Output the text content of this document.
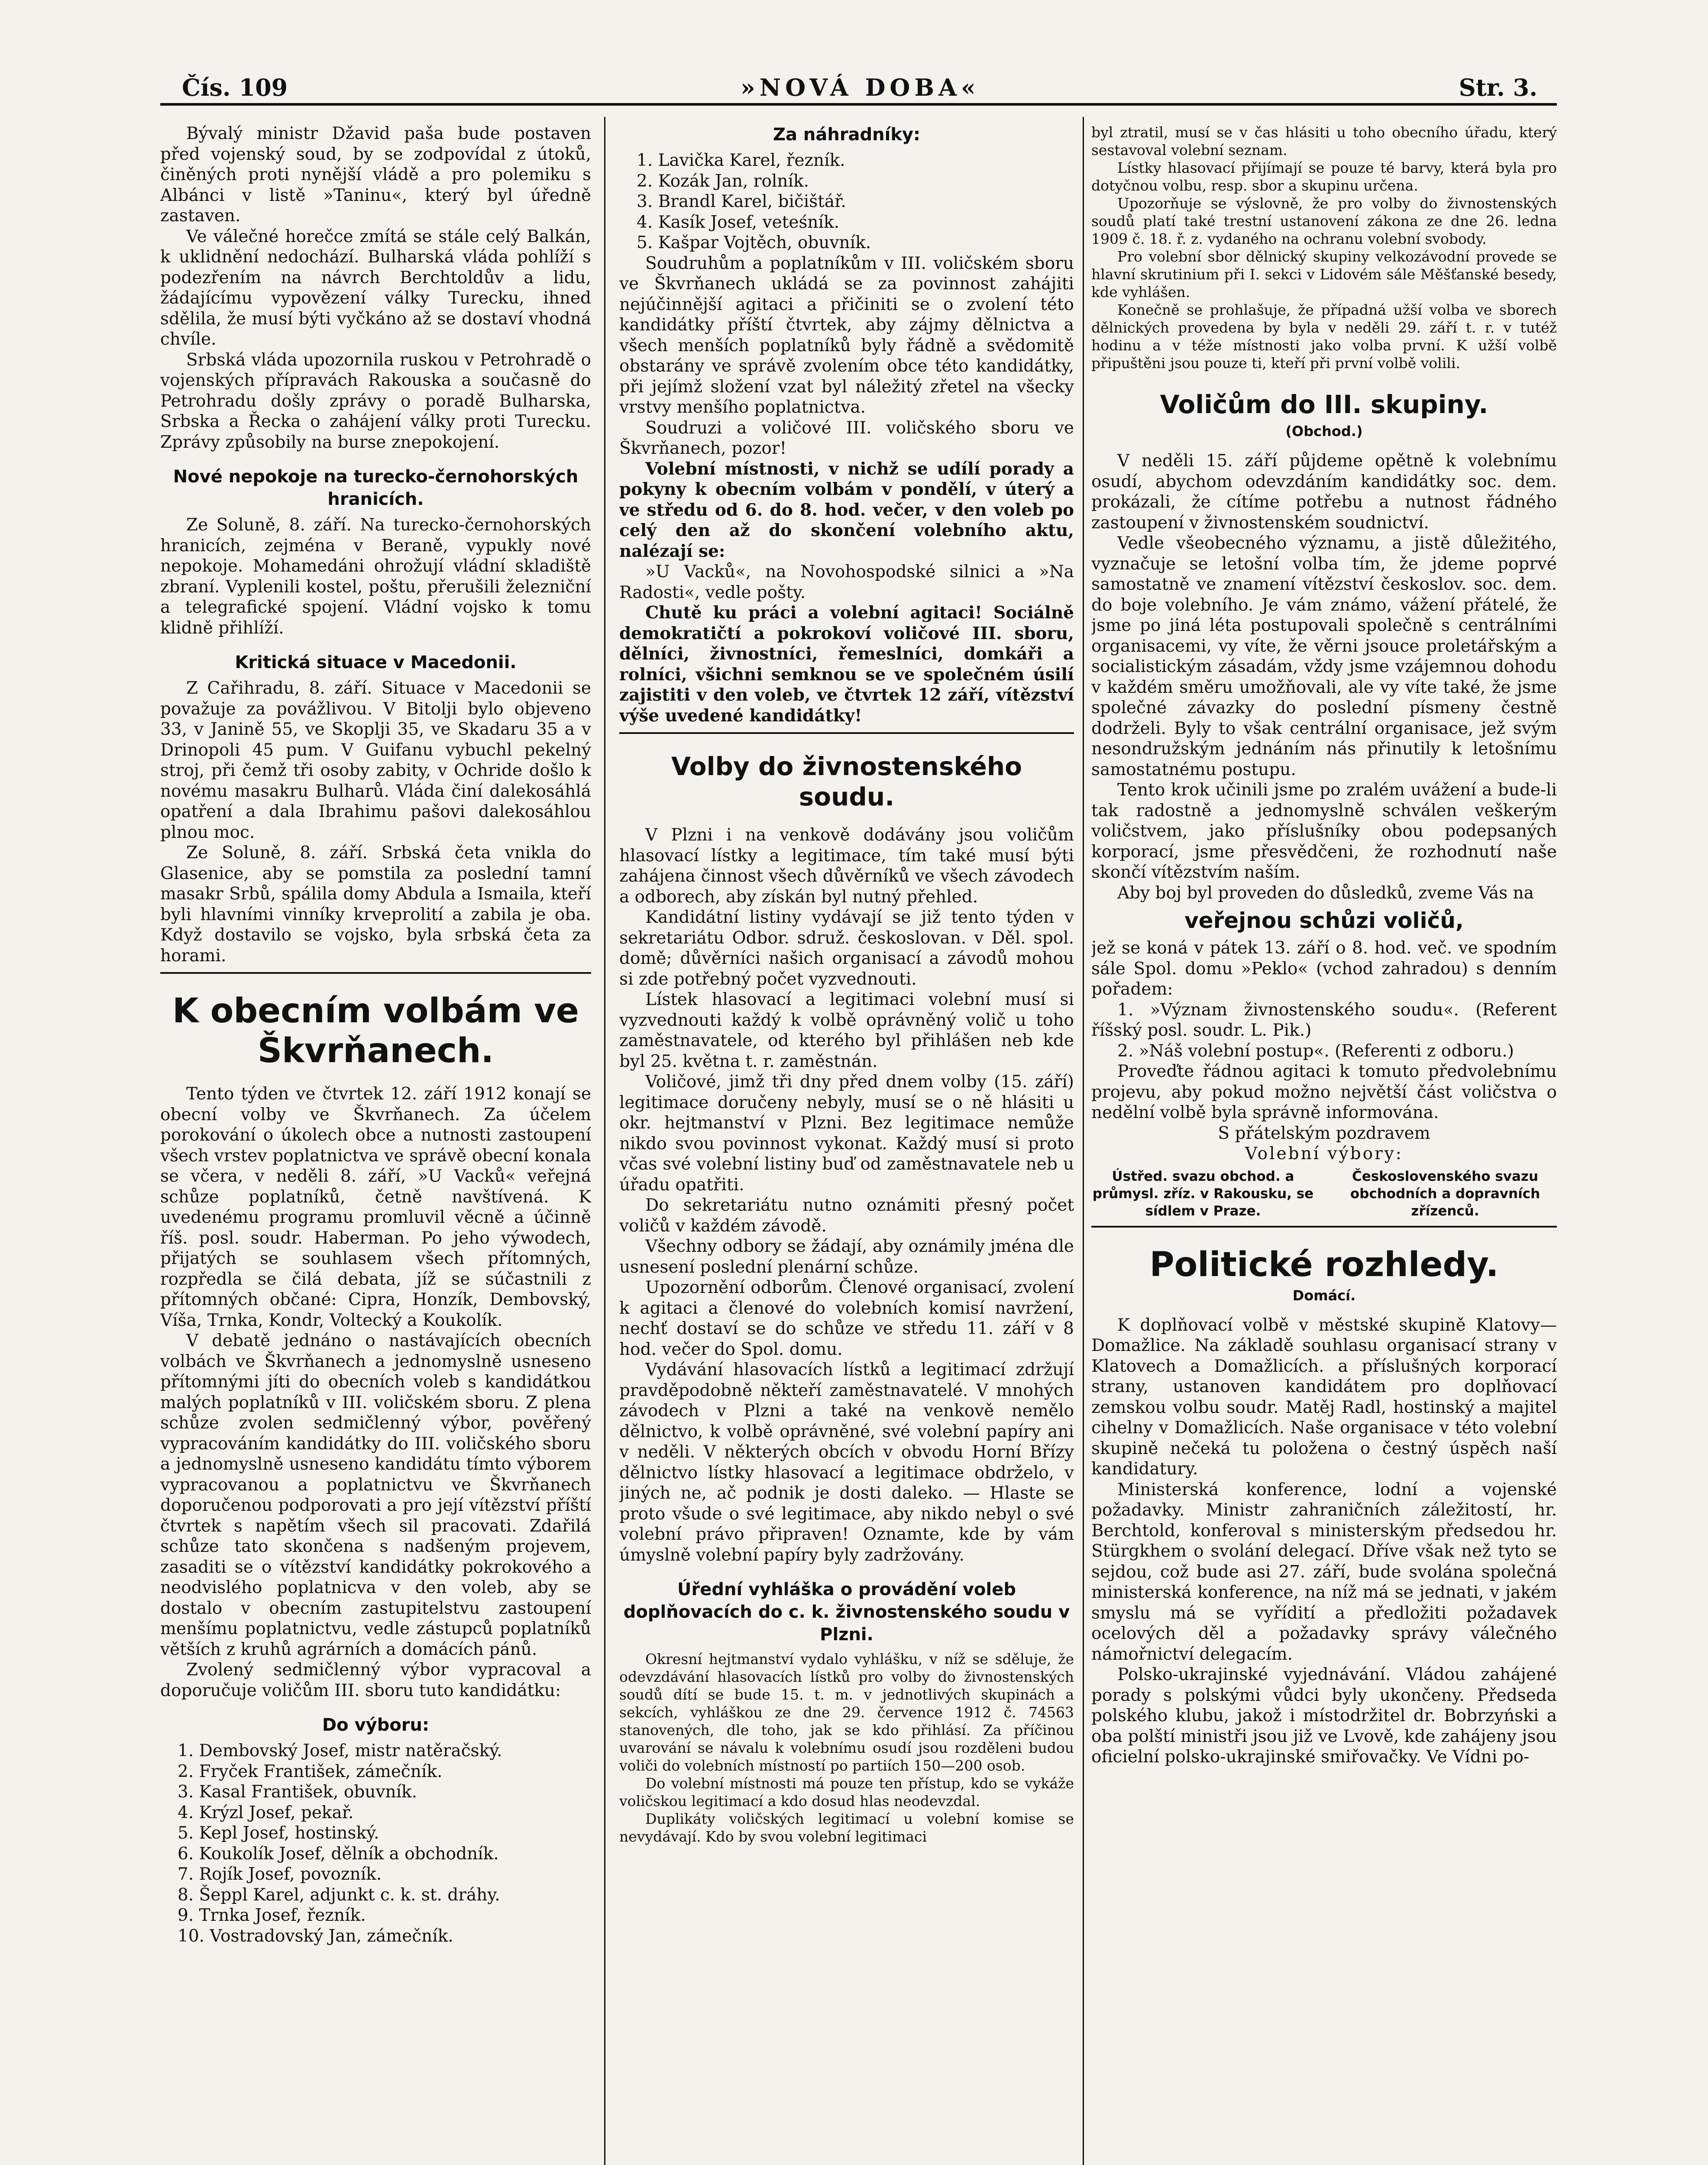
Čís. 109	»NOVÁ DOBA«	Str. 3.

Bývalý ministr Džavid paša bude postaven před vojenský soud, by se zodpovídal z útoků, činěných proti nynější vládě a pro polemiku s Albánci v listě »Taninu«, který byl úředně zastaven.

Ve válečné horečce zmítá se stále celý Balkán, k uklidnění nedochází. Bulharská vláda pohlíží s podezřením na návrch Berchtoldův a lidu, žádajícímu vypovězení války Turecku, ihned sdělila, že musí býti vyčkáno až se dostaví vhodná chvíle.

Srbská vláda upozornila ruskou v Petrohradě o vojenských přípravách Rakouska a současně do Petrohradu došly zprávy o poradě Bulharska, Srbska a Řecka o zahájení války proti Turecku. Zprávy způsobily na burse znepokojení.

Nové nepokoje na turecko-černohorských hranicích.

Ze Soluně, 8. září. Na turecko-černohorských hranicích, zejména v Beraně, vypukly nové nepokoje. Mohamedáni ohrožují vládní skladiště zbraní. Vyplenili kostel, poštu, přerušili železniční a telegrafické spojení. Vládní vojsko k tomu klidně přihlíží.

Kritická situace v Macedonii.

Z Cařihradu, 8. září. Situace v Macedonii se považuje za povážlivou. V Bitolji bylo objeveno 33, v Janině 55, ve Skoplji 35, ve Skadaru 35 a v Drinopoli 45 pum. V Guifanu vybuchl pekelný stroj, při čemž tři osoby zabity, v Ochride došlo k novému masakru Bulharů. Vláda činí dalekosáhlá opatření a dala Ibrahimu pašovi dalekosáhlou plnou moc.

Ze Soluně, 8. září. Srbská četa vnikla do Glasenice, aby se pomstila za poslední tamní masakr Srbů, spálila domy Abdula a Ismaila, kteří byli hlavními vinníky krveprolití a zabila je oba. Když dostavilo se vojsko, byla srbská četa za horami.

K obecním volbám ve Škvrňanech.

Tento týden ve čtvrtek 12. září 1912 konají se obecní volby ve Škvrňanech. Za účelem porokování o úkolech obce a nutnosti zastoupení všech vrstev poplatnictva ve správě obecní konala se včera, v neděli 8. září, »U Vacků« veřejná schůze poplatníků, četně navštívená. K uvedenému programu promluvil věcně a účinně říš. posl. soudr. Haberman. Po jeho výwodech, přijatých se souhlasem všech přítomných, rozpředla se čilá debata, jíž se súčastnili z přítomných občané: Cipra, Honzík, Dembovský, Víša, Trnka, Kondr, Voltecký a Koukolík.

V debatě jednáno o nastávajících obecních volbách ve Škvrňanech a jednomyslně usneseno přítomnými jíti do obecních voleb s kandidátkou malých poplatníků v III. voličském sboru. Z plena schůze zvolen sedmičlenný výbor, pověřený vypracováním kandidátky do III. voličského sboru a jednomyslně usneseno kandidátu tímto výborem vypracovanou a poplatnictvu ve Škvrňanech doporučenou podporovati a pro její vítězství příští čtvrtek s napětím všech sil pracovati. Zdařilá schůze tato skončena s nadšeným projevem, zasaditi se o vítězství kandidátky pokrokového a neodvislého poplatnicva v den voleb, aby se dostalo v obecním zastupitelstvu zastoupení menšímu poplatnictvu, vedle zástupců poplatníků větších z kruhů agrárních a domácích pánů.

Zvolený sedmičlenný výbor vypracoval a doporučuje voličům III. sboru tuto kandidátku:

Do výboru:

1. Dembovský Josef, mistr natěračský.
2. Fryček František, zámečník.
3. Kasal František, obuvník.
4. Krýzl Josef, pekař.
5. Kepl Josef, hostinský.
6. Koukolík Josef, dělník a obchodník.
7. Rojík Josef, povozník.
8. Šeppl Karel, adjunkt c. k. st. dráhy.
9. Trnka Josef, řezník.
10. Vostradovský Jan, zámečník.

Za náhradníky:

1. Lavička Karel, řezník.
2. Kozák Jan, rolník.
3. Brandl Karel, bičištář.
4. Kasík Josef, veteśník.
5. Kašpar Vojtěch, obuvník.

Soudruhům a poplatníkům v III. voličském sboru ve Škvrňanech ukládá se za povinnost zahájiti nejúčinnější agitaci a přičiniti se o zvolení této kandidátky příští čtvrtek, aby zájmy dělnictva a všech menších poplatníků byly řádně a svědomitě obstarány ve správě zvolením obce této kandidátky, při jejímž složení vzat byl náležitý zřetel na všecky vrstvy menšího poplatnictva.

Soudruzi a voličové III. voličského sboru ve Škvrňanech, pozor!

Volební místnosti, v nichž se udílí porady a pokyny k obecním volbám v pondělí, v úterý a ve středu od 6. do 8. hod. večer, v den voleb po celý den až do skončení volebního aktu, nalézají se:

»U Vacků«, na Novohospodské silnici a »Na Radosti«, vedle pošty.

Chutě ku práci a volební agitaci! Sociálně demokratičtí a pokrokoví voličové III. sboru, dělníci, živnostníci, řemeslníci, domkáři a rolníci, všichni semknou se ve společném úsilí zajistiti v den voleb, ve čtvrtek 12 září, vítězství výše uvedené kandidátky!

Volby do živnostenského soudu.

V Plzni i na venkově dodávány jsou voličům hlasovací lístky a legitimace, tím také musí býti zahájena činnost všech důvěrníků ve všech závodech a odborech, aby získán byl nutný přehled.

Kandidátní listiny vydávají se již tento týden v sekretariátu Odbor. sdruž. českoslovan. v Děl. spol. domě; důvěrníci našich organisací a závodů mohou si zde potřebný počet vyzvednouti.

Lístek hlasovací a legitimaci volební musí si vyzvednouti každý k volbě oprávněný volič u toho zaměstnavatele, od kterého byl přihlášen neb kde byl 25. května t. r. zaměstnán.

Voličové, jimž tři dny před dnem volby (15. září) legitimace doručeny nebyly, musí se o ně hlásiti u okr. hejtmanství v Plzni. Bez legitimace nemůže nikdo svou povinnost vykonat. Každý musí si proto včas své volební listiny buď od zaměstnavatele neb u úřadu opatřiti.

Do sekretariátu nutno oznámiti přesný počet voličů v každém závodě.

Všechny odbory se žádají, aby oznámily jména dle usnesení poslední plenární schůze.

Upozornění odborům. Členové organisací, zvolení k agitaci a členové do volebních komisí navržení, nechť dostaví se do schůze ve středu 11. září v 8 hod. večer do Spol. domu.

Vydávání hlasovacích lístků a legitimací zdržují pravděpodobně někteří zaměstnavatelé. V mnohých závodech v Plzni a také na venkově nemělo dělnictvo, k volbě oprávněné, své volební papíry ani v neděli. V některých obcích v obvodu Horní Břízy dělnictvo lístky hlasovací a legitimace obdrželo, v jiných ne, ač podnik je dosti daleko. — Hlaste se proto všude o své legitimace, aby nikdo nebyl o své volební právo připraven! Oznamte, kde by vám úmyslně volební papíry byly zadržovány.

Úřední vyhláška o provádění voleb doplňovacích do c. k. živnostenského soudu v Plzni.

Okresní hejtmanství vydalo vyhlášku, v níž se sděluje, že odevzdávání hlasovacích lístků pro volby do živnostenských soudů dítí se bude 15. t. m. v jednotlivých skupinách a sekcích, vyhláškou ze dne 29. července 1912 č. 74563 stanovených, dle toho, jak se kdo přihlásí. Za příčinou uvarování se návalu k volebnímu osudí jsou rozděleni budou voliči do volebních místností po partiích 150—200 osob.

Do volební místnosti má pouze ten přístup, kdo se vykáže voličskou legitimací a kdo dosud hlas neodevzdal.

Duplikáty voličských legitimací u volební komise se nevydávají. Kdo by svou volební legitimaci

byl ztratil, musí se v čas hlásiti u toho obecního úřadu, který sestavoval volební seznam.

Lístky hlasovací přijímají se pouze té barvy, která byla pro dotyčnou volbu, resp. sbor a skupinu určena.

Upozorňuje se výslovně, že pro volby do živnostenských soudů platí také trestní ustanovení zákona ze dne 26. ledna 1909 č. 18. ř. z. vydaného na ochranu volební svobody.

Pro volební sbor dělnický skupiny velkozávodní provede se hlavní skrutinium při I. sekci v Lidovém sále Měšťanské besedy, kde vyhlášen.

Konečně se prohlašuje, že případná užší volba ve sborech dělnických provedena by byla v neděli 29. září t. r. v tutéž hodinu a v téže místnosti jako volba první. K užší volbě připuštěni jsou pouze ti, kteří při první volbě volili.

Voličům do III. skupiny.

(Obchod.)

V neděli 15. září půjdeme opětně k volebnímu osudí, abychom odevzdáním kandidátky soc. dem. prokázali, že cítíme potřebu a nutnost řádného zastoupení v živnostenském soudnictví.

Vedle všeobecného významu, a jistě důležitého, vyznačuje se letošní volba tím, že jdeme poprvé samostatně ve znamení vítězství českoslov. soc. dem. do boje volebního. Je vám známo, vážení přátelé, že jsme po jiná léta postupovali společně s centrálními organisacemi, vy víte, že věrni jsouce proletářským a socialistickým zásadám, vždy jsme vzájemnou dohodu v každém směru umožňovali, ale vy víte také, že jsme společné závazky do poslední písmeny čestně dodrželi. Byly to však centrální organisace, jež svým nesondružským jednáním nás přinutily k letošnímu samostatnému postupu.

Tento krok učinili jsme po zralém uvážení a bude-li tak radostně a jednomyslně schválen veškerým voličstvem, jako příslušníky obou podepsaných korporací, jsme přesvědčeni, že rozhodnutí naše skončí vítězstvím naším.

Aby boj byl proveden do důsledků, zveme Vás na

veřejnou schůzi voličů,

jež se koná v pátek 13. září o 8. hod. več. ve spodním sále Spol. domu »Peklo« (vchod zahradou) s denním pořadem:

1. »Význam živnostenského soudu«. (Referent říšský posl. soudr. L. Pik.)

2. »Náš volební postup«. (Referenti z odboru.)

Proveďte řádnou agitaci k tomuto předvolebnímu projevu, aby pokud možno největší část voličstva o nedělní volbě byla správně informována.

S přátelským pozdravem

Volební výbory:

Ústřed. svazu obchod. a průmysl. zříz. v Rakousku, se sídlem v Praze.
Československého svazu obchodních a dopravních zřízenců.

Politické rozhledy.

Domácí.

K doplňovací volbě v městské skupině Klatovy—Domažlice. Na základě souhlasu organisací strany v Klatovech a Domažlicích. a příslušných korporací strany, ustanoven kandidátem pro doplňovací zemskou volbu soudr. Matěj Radl, hostinský a majitel cihelny v Domažlicích. Naše organisace v této volební skupině nečeká tu položena o čestný úspěch naší kandidatury.

Ministerská konference, lodní a vojenské požadavky. Ministr zahraničních záležitostí, hr. Berchtold, konferoval s ministerským předsedou hr. Stürgkhem o svolání delegací. Dříve však než tyto se sejdou, což bude asi 27. září, bude svolána společná ministerská konference, na níž má se jednati, v jakém smyslu má se vyřídití a předložiti požadavek ocelových děl a požadavky správy válečného námořnictví delegacím.

Polsko-ukrajinské vyjednávání. Vládou zahájené porady s polskými vůdci byly ukončeny. Předseda polského klubu, jakož i místodržitel dr. Bobrzyński a oba polští ministři jsou již ve Lvově, kde zahájeny jsou oficielní polsko-ukrajinské smiřovačky. Ve Vídni po-
